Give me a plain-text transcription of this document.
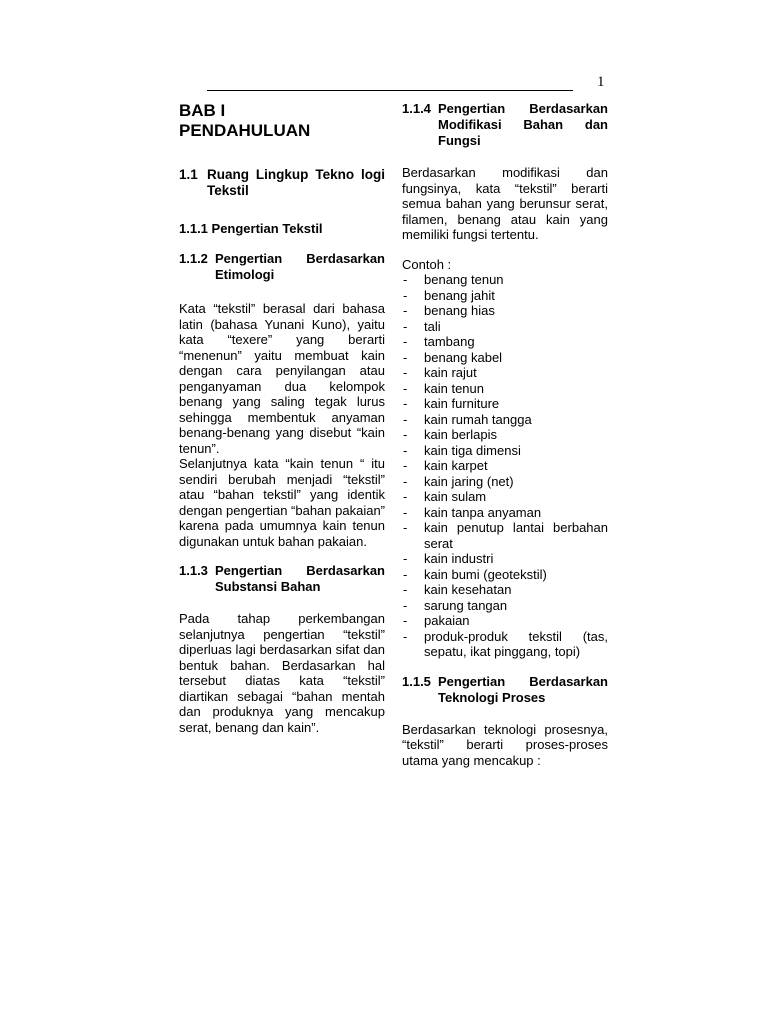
1
BAB I
PENDAHULUAN
1.1 Ruang Lingkup Tekno logi Tekstil
1.1.1 Pengertian Tekstil
1.1.2 Pengertian Berdasarkan Etimologi

Kata “tekstil” berasal dari bahasa latin (bahasa Yunani Kuno), yaitu kata “texere” yang berarti “menenun” yaitu membuat kain dengan cara penyilangan atau penganyaman dua kelompok benang yang saling tegak lurus sehingga membentuk anyaman benang-benang yang disebut “kain tenun”.

Selanjutnya kata “kain tenun “ itu sendiri berubah menjadi “tekstil” atau “bahan tekstil” yang identik dengan pengertian “bahan pakaian” karena pada umumnya kain tenun digunakan untuk bahan pakaian.

1.1.3 Pengertian Berdasarkan Substansi Bahan

Pada tahap perkembangan selanjutnya pengertian “tekstil” diperluas lagi berdasarkan sifat dan bentuk bahan. Berdasarkan hal tersebut diatas kata “tekstil” diartikan sebagai “bahan mentah dan produknya yang mencakup serat, benang dan kain”.

1.1.4 Pengertian Berdasarkan Modifikasi Bahan dan Fungsi

Berdasarkan modifikasi dan fungsinya, kata “tekstil” berarti semua bahan yang berunsur serat, filamen, benang atau kain yang memiliki fungsi tertentu.

Contoh :

- benang tenun
- benang jahit
- benang hias
- tali
- tambang
- benang kabel
- kain rajut
- kain tenun
- kain furniture
- kain rumah tangga
- kain berlapis
- kain tiga dimensi
- kain karpet
- kain jaring (net)
- kain sulam
- kain tanpa anyaman
- kain penutup lantai berbahan serat
- kain industri
- kain bumi (geotekstil)
- kain kesehatan
- sarung tangan
- pakaian
- produk-produk tekstil (tas, sepatu, ikat pinggang, topi)
1.1.5 Pengertian Berdasarkan Teknologi Proses

Berdasarkan teknologi prosesnya, “tekstil” berarti proses-proses utama yang mencakup :
